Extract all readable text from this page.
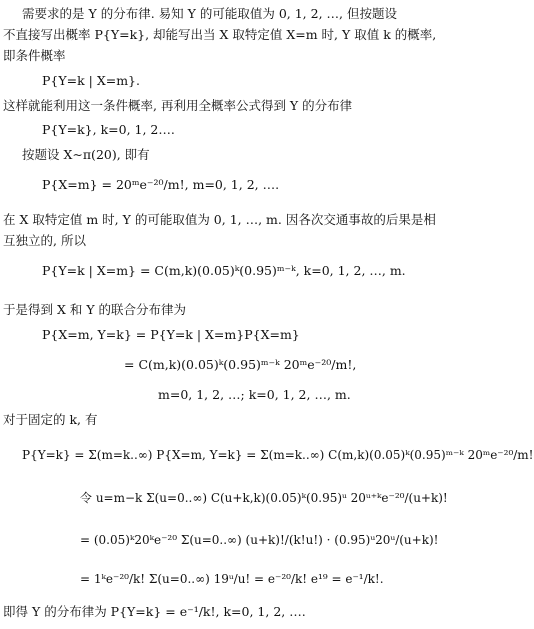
需要求的是 Y 的分布律. 易知 Y 的可能取值为 0, 1, 2, …, 但按题设
不直接写出概率 P{Y=k}, 却能写出当 X 取特定值 X=m 时, Y 取值 k 的概率,
即条件概率
P{Y=k | X=m}.
这样就能利用这一条件概率, 再利用全概率公式得到 Y 的分布律
P{Y=k}, k=0, 1, 2….
按题设 X∼π(20), 即有
P{X=m} = 20ᵐe⁻²⁰/m!, m=0, 1, 2, ….
在 X 取特定值 m 时, Y 的可能取值为 0, 1, …, m. 因各次交通事故的后果是相
互独立的, 所以
P{Y=k | X=m} = C(m,k)(0.05)ᵏ(0.95)ᵐ⁻ᵏ, k=0, 1, 2, …, m.
于是得到 X 和 Y 的联合分布律为
P{X=m, Y=k} = P{Y=k | X=m}P{X=m}
= C(m,k)(0.05)ᵏ(0.95)ᵐ⁻ᵏ 20ᵐe⁻²⁰/m!,
m=0, 1, 2, …; k=0, 1, 2, …, m.
对于固定的 k, 有
P{Y=k} = Σ(m=k..∞) P{X=m, Y=k} = Σ(m=k..∞) C(m,k)(0.05)ᵏ(0.95)ᵐ⁻ᵏ 20ᵐe⁻²⁰/m!
令 u=m−k Σ(u=0..∞) C(u+k,k)(0.05)ᵏ(0.95)ᵘ 20ᵘ⁺ᵏe⁻²⁰/(u+k)!
= (0.05)ᵏ20ᵏe⁻²⁰ Σ(u=0..∞) (u+k)!/(k!u!) · (0.95)ᵘ20ᵘ/(u+k)!
= 1ᵏe⁻²⁰/k! Σ(u=0..∞) 19ᵘ/u! = e⁻²⁰/k! e¹⁹ = e⁻¹/k!.
即得 Y 的分布律为 P{Y=k} = e⁻¹/k!, k=0, 1, 2, ….
